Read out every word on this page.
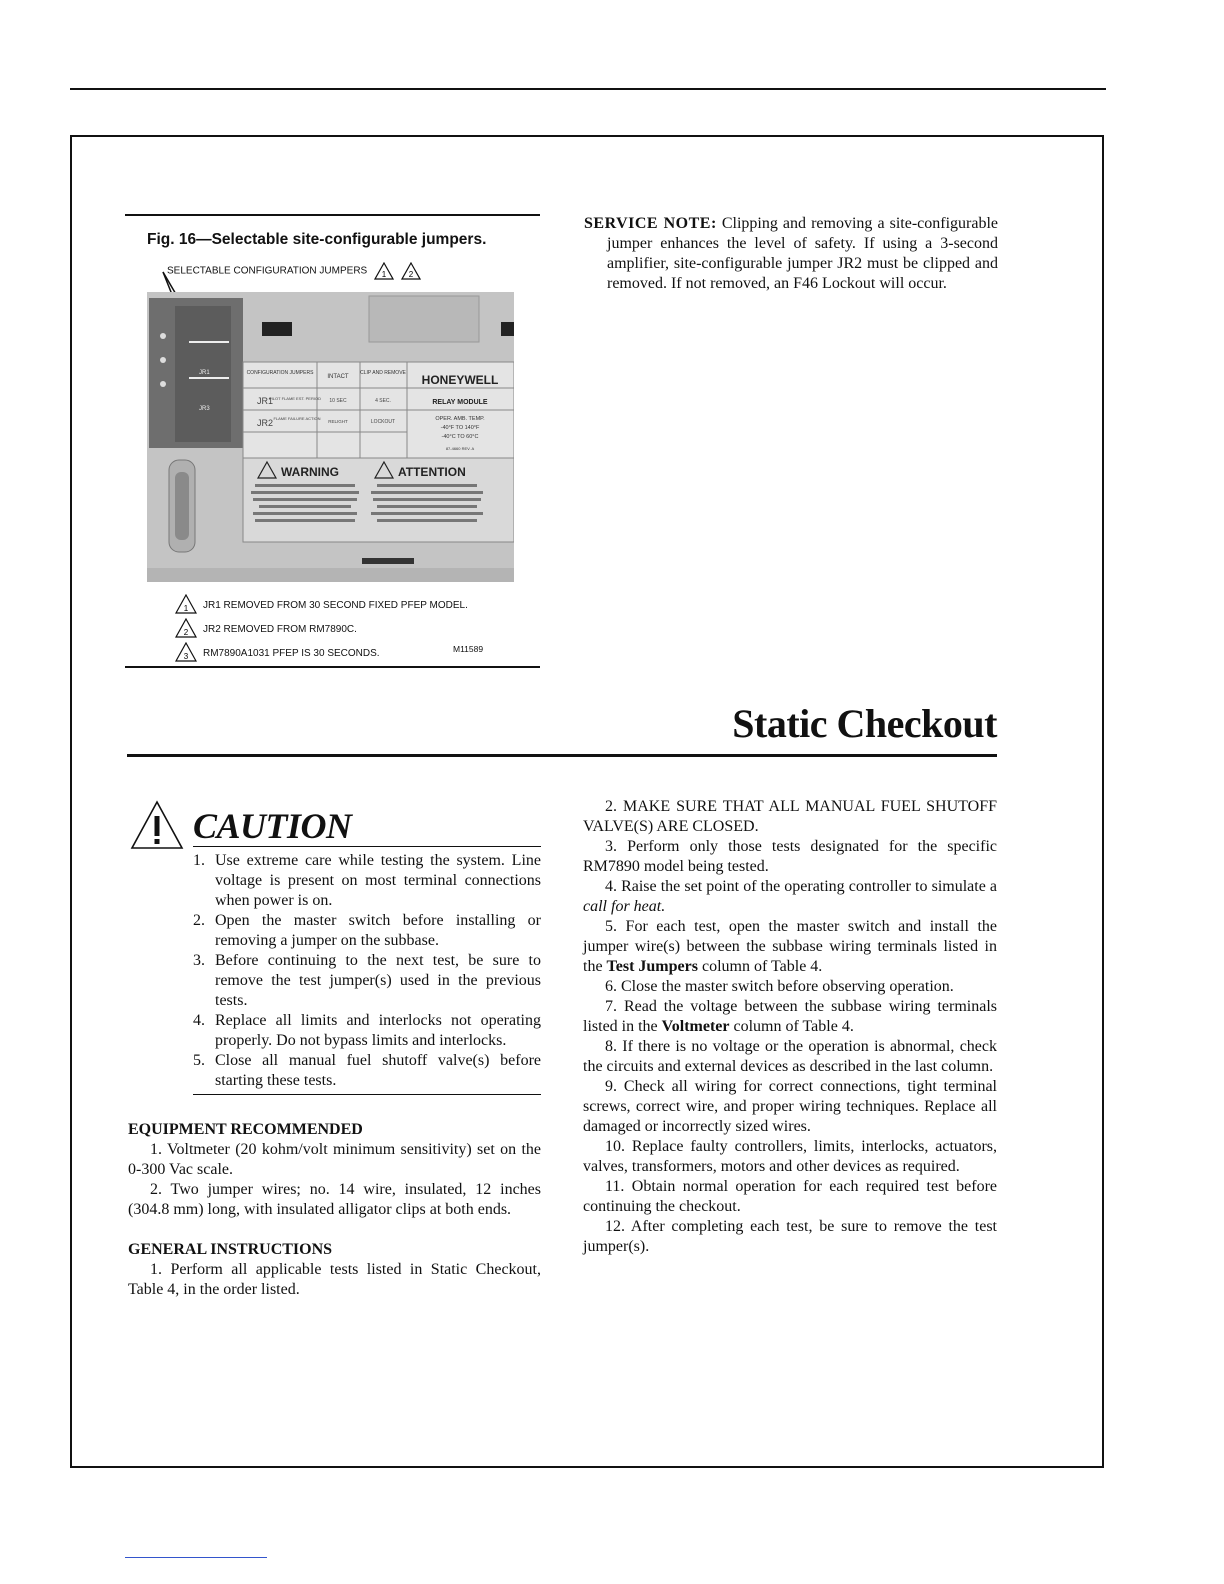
Fig. 16—Selectable site-configurable jumpers.
SELECTABLE CONFIGURATION JUMPERS 1
	2
JR1
JR3
CONFIGURATION JUMPERS
INTACT
CLIP AND REMOVE HONEYWELL
JR1
PILOT FLAME EST. PERIOD 10 SEC	4 SEC.	RELAY MODULE
JR2 FLAME FAILURE ACTION
RELIGHT	LOCKOUT	OPER. AMB. TEMP.
-40°F TO 140°F
-40°C TO 60°C
87-4660 REV. A
WARNING	ATTENTION
1 JR1 REMOVED FROM 30 SECOND FIXED PFEP MODEL.
2 JR2 REMOVED FROM RM7890C.
3 RM7890A1031 PFEP IS 30 SECONDS.	M11589

SERVICE NOTE: Clipping and removing a site-configurable jumper enhances the level of safety. If using a 3-second amplifier, site-configurable jumper JR2 must be clipped and removed. If not removed, an F46 Lockout will occur.

Static Checkout
CAUTION
1. Use extreme care while testing the system. Line voltage is present on most terminal connections when power is on.
2. Open the master switch before installing or removing a jumper on the subbase.
3. Before continuing to the next test, be sure to remove the test jumper(s) used in the previous tests.
4. Replace all limits and interlocks not operating properly. Do not bypass limits and interlocks.
5. Close all manual fuel shutoff valve(s) before starting these tests.
EQUIPMENT RECOMMENDED
1. Voltmeter (20 kohm/volt minimum sensitivity) set on the 0-300 Vac scale.
2. Two jumper wires; no. 14 wire, insulated, 12 inches (304.8 mm) long, with insulated alligator clips at both ends.
GENERAL INSTRUCTIONS
1. Perform all applicable tests listed in Static Checkout, Table 4, in the order listed.
2. MAKE SURE THAT ALL MANUAL FUEL SHUTOFF VALVE(S) ARE CLOSED.
3. Perform only those tests designated for the specific RM7890 model being tested.
4. Raise the set point of the operating controller to simulate a call for heat.
5. For each test, open the master switch and install the jumper wire(s) between the subbase wiring terminals listed in the Test Jumpers column of Table 4.
6. Close the master switch before observing operation.
7. Read the voltage between the subbase wiring terminals listed in the Voltmeter column of Table 4.
8. If there is no voltage or the operation is abnormal, check the circuits and external devices as described in the last column.
9. Check all wiring for correct connections, tight terminal screws, correct wire, and proper wiring techniques. Replace all damaged or incorrectly sized wires.
10. Replace faulty controllers, limits, interlocks, actuators, valves, transformers, motors and other devices as required.
11. Obtain normal operation for each required test before continuing the checkout.
12. After completing each test, be sure to remove the test jumper(s).
